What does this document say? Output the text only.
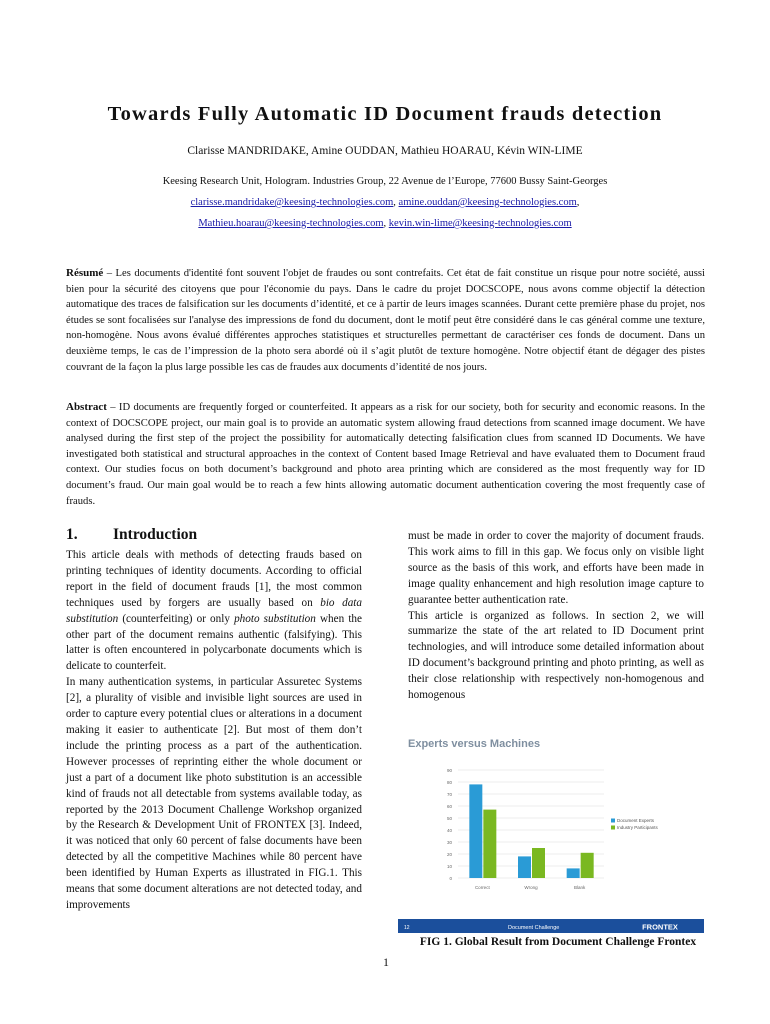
Towards Fully Automatic ID Document frauds detection
Clarisse MANDRIDAKE, Amine OUDDAN, Mathieu HOARAU, Kévin WIN-LIME
Keesing Research Unit, Hologram. Industries Group, 22 Avenue de l’Europe, 77600 Bussy Saint-Georges
clarisse.mandridake@keesing-technologies.com, amine.ouddan@keesing-technologies.com,
Mathieu.hoarau@keesing-technologies.com, kevin.win-lime@keesing-technologies.com
Résumé – Les documents d'identité font souvent l'objet de fraudes ou sont contrefaits. Cet état de fait constitue un risque pour notre société, aussi bien pour la sécurité des citoyens que pour l'économie du pays. Dans le cadre du projet DOCSCOPE, nous avons comme objectif la détection automatique des traces de falsification sur les documents d’identité, et ce à partir de leurs images scannées. Durant cette première phase du projet, nos études se sont focalisées sur l'analyse des impressions de fond du document, dont le motif peut être considéré dans le cas général comme une texture, non-homogène. Nous avons évalué différentes approches statistiques et structurelles permettant de caractériser ces fonds de document. Dans un deuxième temps, le cas de l’impression de la photo sera abordé où il s’agit plutôt de texture homogène. Notre objectif étant de dégager des pistes couvrant de la façon la plus large possible les cas de fraudes aux documents d’identité de nos jours.
Abstract – ID documents are frequently forged or counterfeited. It appears as a risk for our society, both for security and economic reasons. In the context of DOCSCOPE project, our main goal is to provide an automatic system allowing fraud detections from scanned image document. We have analysed during the first step of the project the possibility for automatically detecting falsification clues from scanned ID Documents. We have investigated both statistical and structural approaches in the context of Content based Image Retrieval and have evaluated them to Document fraud context. Our studies focus on both document’s background and photo area printing which are considered as the most frequently way for ID document’s fraud. Our main goal would be to reach a few hints allowing automatic document authentication covering the most frequently case of frauds.
1. Introduction

This article deals with methods of detecting frauds based on printing techniques of identity documents. According to official report in the field of document frauds [1], the most common techniques used by forgers are usually based on bio data substitution (counterfeiting) or only photo substitution when the other part of the document remains authentic (falsifying). This latter is often encountered in polycarbonate documents which is delicate to counterfeit.

In many authentication systems, in particular Assuretec Systems [2], a plurality of visible and invisible light sources are used in order to capture every potential clues or alterations in a document making it easier to authenticate [2]. But most of them don’t include the printing process as a part of the authentication. However processes of reprinting either the whole document or just a part of a document like photo substitution is an accessible kind of frauds not all detectable from systems available today, as reported by the 2013 Document Challenge Workshop organized by the Research & Development Unit of FRONTEX [3]. Indeed, it was noticed that only 60 percent of false documents have been detected by all the competitive Machines while 80 percent have been identified by Human Experts as illustrated in FIG.1. This means that some document alterations are not detected today, and improvements

must be made in order to cover the majority of document frauds. This work aims to fill in this gap. We focus only on visible light source as the basis of this work, and efforts have been made in image quality enhancement and high resolution image capture to guarantee better authentication rate.

This article is organized as follows. In section 2, we will summarize the state of the art related to ID Document print technologies, and will introduce some detailed information about ID document’s background printing and photo printing, as well as their close relationship with respectively non-homogenous and homogenous

Experts versus Machines
0
10
20
30
40
50
60
70
80
90
Correct	Wrong	Blank
Document Experts
Industry Participants
12	Document Challenge	FRONTEX
FIG 1. Global Result from Document Challenge Frontex
1
